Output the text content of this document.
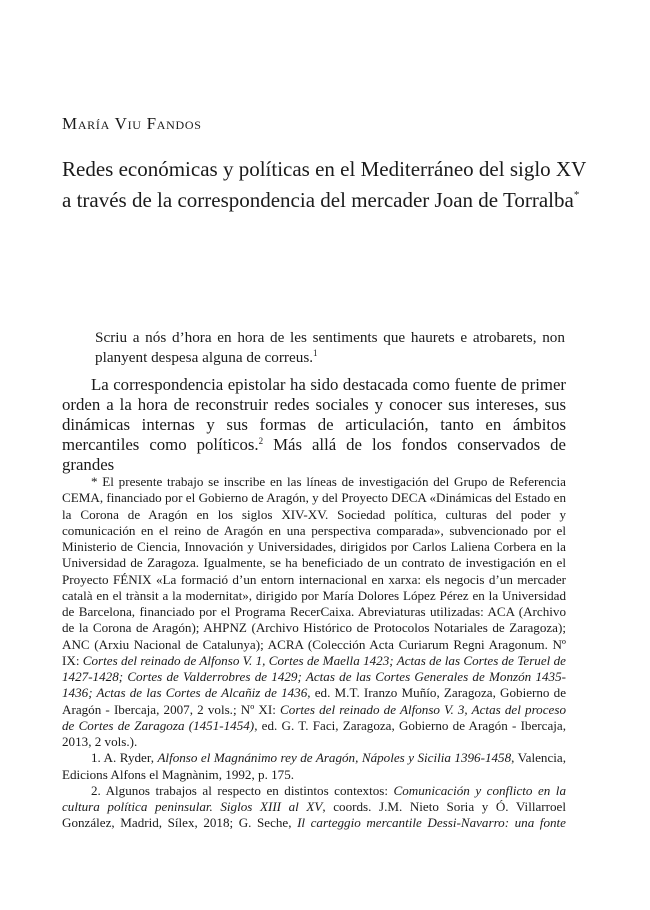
María Viu Fandos
Redes económicas y políticas en el Mediterráneo del siglo XV a través de la correspondencia del mercader Joan de Torralba*
Scriu a nós d’hora en hora de les sentiments que haurets e atrobarets, non planyent despesa alguna de correus.$^1$
La correspondencia epistolar ha sido destacada como fuente de primer orden a la hora de reconstruir redes sociales y conocer sus intereses, sus dinámicas internas y sus formas de articulación, tanto en ámbitos mercantiles como políticos.$^2$ Más allá de los fondos conservados de grandes

* El presente trabajo se inscribe en las líneas de investigación del Grupo de Referencia CEMA, financiado por el Gobierno de Aragón, y del Proyecto DECA «Dinámicas del Estado en la Corona de Aragón en los siglos XIV-XV. Sociedad política, culturas del poder y comunicación en el reino de Aragón en una perspectiva comparada», subvencionado por el Ministerio de Ciencia, Innovación y Universidades, dirigidos por Carlos Laliena Corbera en la Universidad de Zaragoza. Igualmente, se ha beneficiado de un contrato de investigación en el Proyecto FÉNIX «La formació d’un entorn internacional en xarxa: els negocis d’un mercader català en el trànsit a la modernitat», dirigido por María Dolores López Pérez en la Universidad de Barcelona, financiado por el Programa RecerCaixa. Abreviaturas utilizadas: ACA (Archivo de la Corona de Aragón); AHPNZ (Archivo Histórico de Protocolos Notariales de Zaragoza); ANC (Arxiu Nacional de Catalunya); ACRA (Colección Acta Curiarum Regni Aragonum. Nº IX: Cortes del reinado de Alfonso V. 1, Cortes de Maella 1423; Actas de las Cortes de Teruel de 1427-1428; Cortes de Valderrobres de 1429; Actas de las Cortes Generales de Monzón 1435-1436; Actas de las Cortes de Alcañiz de 1436, ed. M.T. Iranzo Muñío, Zaragoza, Gobierno de Aragón - Ibercaja, 2007, 2 vols.; Nº XI: Cortes del reinado de Alfonso V. 3, Actas del proceso de Cortes de Zaragoza (1451-1454), ed. G. T. Faci, Zaragoza, Gobierno de Aragón - Ibercaja, 2013, 2 vols.).

1. A. Ryder, Alfonso el Magnánimo rey de Aragón, Nápoles y Sicilia 1396-1458, Valencia, Edicions Alfons el Magnànim, 1992, p. 175.

2. Algunos trabajos al respecto en distintos contextos: Comunicación y conflicto en la cultura política peninsular. Siglos XIII al XV, coords. J.M. Nieto Soria y Ó. Villarroel González, Madrid, Sílex, 2018; G. Seche, Il carteggio mercantile Dessi-Navarro: una fonte
